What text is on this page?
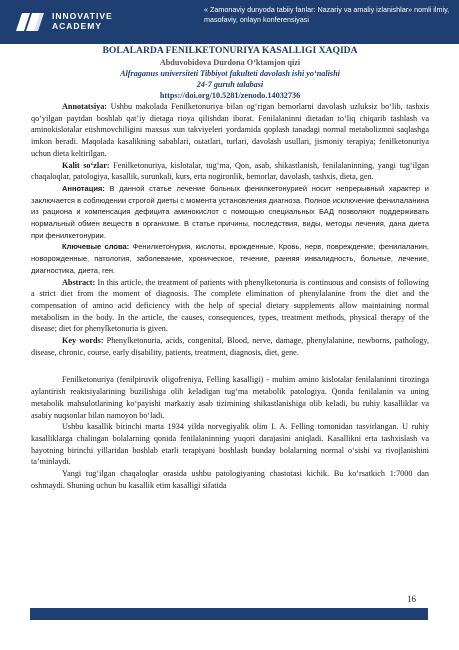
INNOVATIVE
ACADEMY
« Zamonaviy dunyoda tabiiy fanlar: Nazariy va amaliy izlanishlar» nomli ilmiy, masofaviy, onlayn konferensiyasi
BOLALARDA FENILKETONURIYA KASALLIGI XAQIDA
Abduvobidova Durdona O‘ktamjon qizi
Alfraganus universiteti Tibbiyot fakulteti davolash ishi yo‘nalishi
24-7 guruh talabasi
https://doi.org/10.5281/zenodo.14032736

Annotatsiya: Ushbu makolada Fenilketonuriya bilan og‘rigan bemorlarni davolash uzluksiz bo‘lib, tashxis qo‘yilgan paytdan boshlab qat’iy dietaga rioya qilishdan iborat. Fenilalaninni dietadan to‘liq chiqarib tashlash va aminokislotalar etishmovchiligini maxsus xun takviyeleri yordamida qoplash tanadagi normal metabolizmni saqlashga imkon beradi. Maqolada kasalikning sabablari, oьtatlari, turlari, davolash usullari, jismoniy terapiya; fenilketonuriya uchun dieta keltirilgan.

Kalit so‘zlar: Fenilketonuriya, kislotalar, tug‘ma, Qon, asab, shikastlanish, fenilalaninning, yangi tug‘ilgan chaqaloqlar, patologiya, kasallik, surunkali, kurs, erta nogironlik, bemorlar, davolash, tashxis, dieta, gen.

Аннотация: В данной статье лечение больных фенилкетонурией носит непрерывный характер и заключается в соблюдении строгой диеты с момента установления диагноза. Полное исключение фенилаланина из рациона и компенсация дефицита аминокислот с помощью специальных БАД позволяют поддерживать нормальный обмен веществ в организме. В статье причины, последствия, виды, методы лечения, дана диета при фенилкетонурии.

Ключевые слова: Фенилкетонурия, кислоты, врожденные, Кровь, нерв, повреждение, фенилаланин, новорожденные, патология, заболевание, хроническое, течение, ранняя инвалидность, больные, лечение, диагностика, диета, ген.

Abstract: In this article, the treatment of patients with phenylketonuria is continuous and consists of following a strict diet from the moment of diagnosis. The complete elimination of phenylalanine from the diet and the compensation of amino acid deficiency with the help of special dietary supplements allow maintaining normal metabolism in the body. In the article, the causes, consequences, types, treatment methods, physical therapy of the disease; diet for phenylketonuria is given.

Key words: Phenylketonuria, acids, congenital, Blood, nerve, damage, phenylalanine, newborns, pathology, disease, chronic, course, early disability, patients, treatment, diagnosis, diet, gene.

Fenilketonuriya (fenilpiruvik oligofreniya, Felling kasalligi) - muhim amino kislotalar fenilalaninni tirozinga aylantirish reaktsiyalarining buzilishiga olib keladigan tug‘ma metabolik patologiya. Qonda fenilalanin va uning metabolik mahsulotlarining ko‘payishi markaziy asab tizimining shikastlanishiga olib keladi, bu ruhiy kasalliklar va asabiy nuqsonlar bilan namoyon bo‘ladi.

Ushbu kasallik birinchi marta 1934 yilda norvegiyalik olim I. A. Felling tomonidan tasvirlangan. U ruhiy kasalliklarga chalingan bolalarning qonida fenilalaninning yuqori darajasini aniqladi. Kasallikni erta tashxislash va hayotning birinchi yillaridan boshlab etarli terapiyani boshlash bunday bolalarning normal o‘sishi va rivojlanishini ta’minlaydi.

Yangi tug‘ilgan chaqaloqlar orasida ushbu patologiyaning chastotasi kichik. Bu ko‘rsatkich 1:7000 dan oshmaydi. Shuning uchun bu kasallik etim kasalligi sifatida

16
